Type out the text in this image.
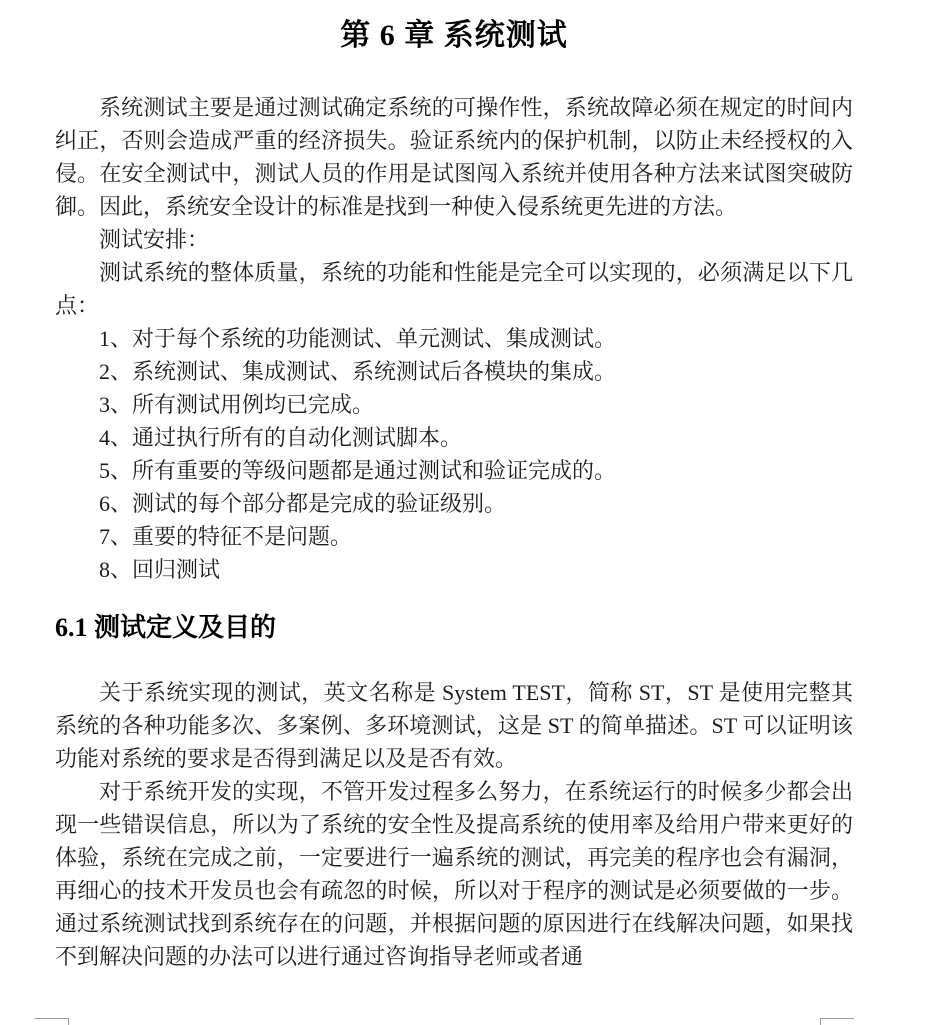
第 6 章 系统测试

系统测试主要是通过测试确定系统的可操作性，系统故障必须在规定的时间内纠正，否则会造成严重的经济损失。验证系统内的保护机制，以防止未经授权的入侵。在安全测试中，测试人员的作用是试图闯入系统并使用各种方法来试图突破防御。因此，系统安全设计的标准是找到一种使入侵系统更先进的方法。

测试安排：

测试系统的整体质量，系统的功能和性能是完全可以实现的，必须满足以下几点：

1、对于每个系统的功能测试、单元测试、集成测试。
2、系统测试、集成测试、系统测试后各模块的集成。
3、所有测试用例均已完成。
4、通过执行所有的自动化测试脚本。
5、所有重要的等级问题都是通过测试和验证完成的。
6、测试的每个部分都是完成的验证级别。
7、重要的特征不是问题。
8、回归测试
6.1 测试定义及目的

关于系统实现的测试，英文名称是 System TEST，简称 ST，ST 是使用完整其系统的各种功能多次、多案例、多环境测试，这是 ST 的简单描述。ST 可以证明该功能对系统的要求是否得到满足以及是否有效。

对于系统开发的实现，不管开发过程多么努力，在系统运行的时候多少都会出现一些错误信息，所以为了系统的安全性及提高系统的使用率及给用户带来更好的体验，系统在完成之前，一定要进行一遍系统的测试，再完美的程序也会有漏洞，再细心的技术开发员也会有疏忽的时候，所以对于程序的测试是必须要做的一步。通过系统测试找到系统存在的问题，并根据问题的原因进行在线解决问题，如果找不到解决问题的办法可以进行通过咨询指导老师或者通
